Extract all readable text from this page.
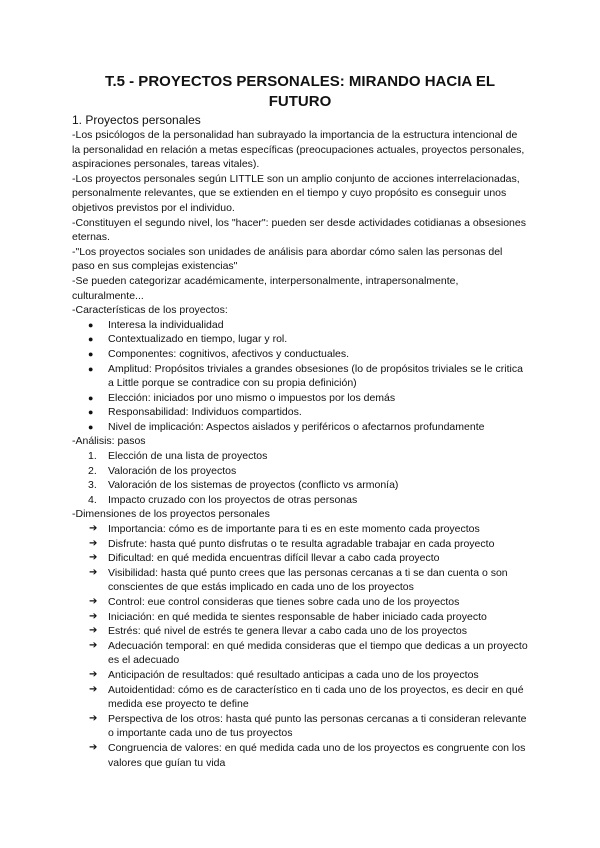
T.5 - PROYECTOS PERSONALES: MIRANDO HACIA EL FUTURO

1. Proyectos personales

-Los psicólogos de la personalidad han subrayado la importancia de la estructura intencional de la personalidad en relación a metas específicas (preocupaciones actuales, proyectos personales, aspiraciones personales, tareas vitales).

-Los proyectos personales según LITTLE son un amplio conjunto de acciones interrelacionadas, personalmente relevantes, que se extienden en el tiempo y cuyo propósito es conseguir unos objetivos previstos por el individuo.

-Constituyen el segundo nivel, los "hacer": pueden ser desde actividades cotidianas a obsesiones eternas.

-"Los proyectos sociales son unidades de análisis para abordar cómo salen las personas del paso en sus complejas existencias"

-Se pueden categorizar académicamente, interpersonalmente, intrapersonalmente, culturalmente...

-Características de los proyectos:

● Interesa la individualidad
● Contextualizado en tiempo, lugar y rol.
● Componentes: cognitivos, afectivos y conductuales.
● Amplitud: Propósitos triviales a grandes obsesiones (lo de propósitos triviales se le critica a Little porque se contradice con su propia definición)
● Elección: iniciados por uno mismo o impuestos por los demás
● Responsabilidad: Individuos compartidos.
● Nivel de implicación: Aspectos aislados y periféricos o afectarnos profundamente

-Análisis: pasos

1. Elección de una lista de proyectos
2. Valoración de los proyectos
3. Valoración de los sistemas de proyectos (conflicto vs armonía)
4. Impacto cruzado con los proyectos de otras personas

-Dimensiones de los proyectos personales

➔ Importancia: cómo es de importante para ti es en este momento cada proyectos
➔ Disfrute: hasta qué punto disfrutas o te resulta agradable trabajar en cada proyecto
➔ Dificultad: en qué medida encuentras difícil llevar a cabo cada proyecto
➔ Visibilidad: hasta qué punto crees que las personas cercanas a ti se dan cuenta o son conscientes de que estás implicado en cada uno de los proyectos
➔ Control: eue control consideras que tienes sobre cada uno de los proyectos
➔ Iniciación: en qué medida te sientes responsable de haber iniciado cada proyecto
➔ Estrés: qué nivel de estrés te genera llevar a cabo cada uno de los proyectos
➔ Adecuación temporal: en qué medida consideras que el tiempo que dedicas a un proyecto es el adecuado
➔ Anticipación de resultados: qué resultado anticipas a cada uno de los proyectos
➔ Autoidentidad: cómo es de característico en ti cada uno de los proyectos, es decir en qué medida ese proyecto te define
➔ Perspectiva de los otros: hasta qué punto las personas cercanas a ti consideran relevante o importante cada uno de tus proyectos
➔ Congruencia de valores: en qué medida cada uno de los proyectos es congruente con los valores que guían tu vida
